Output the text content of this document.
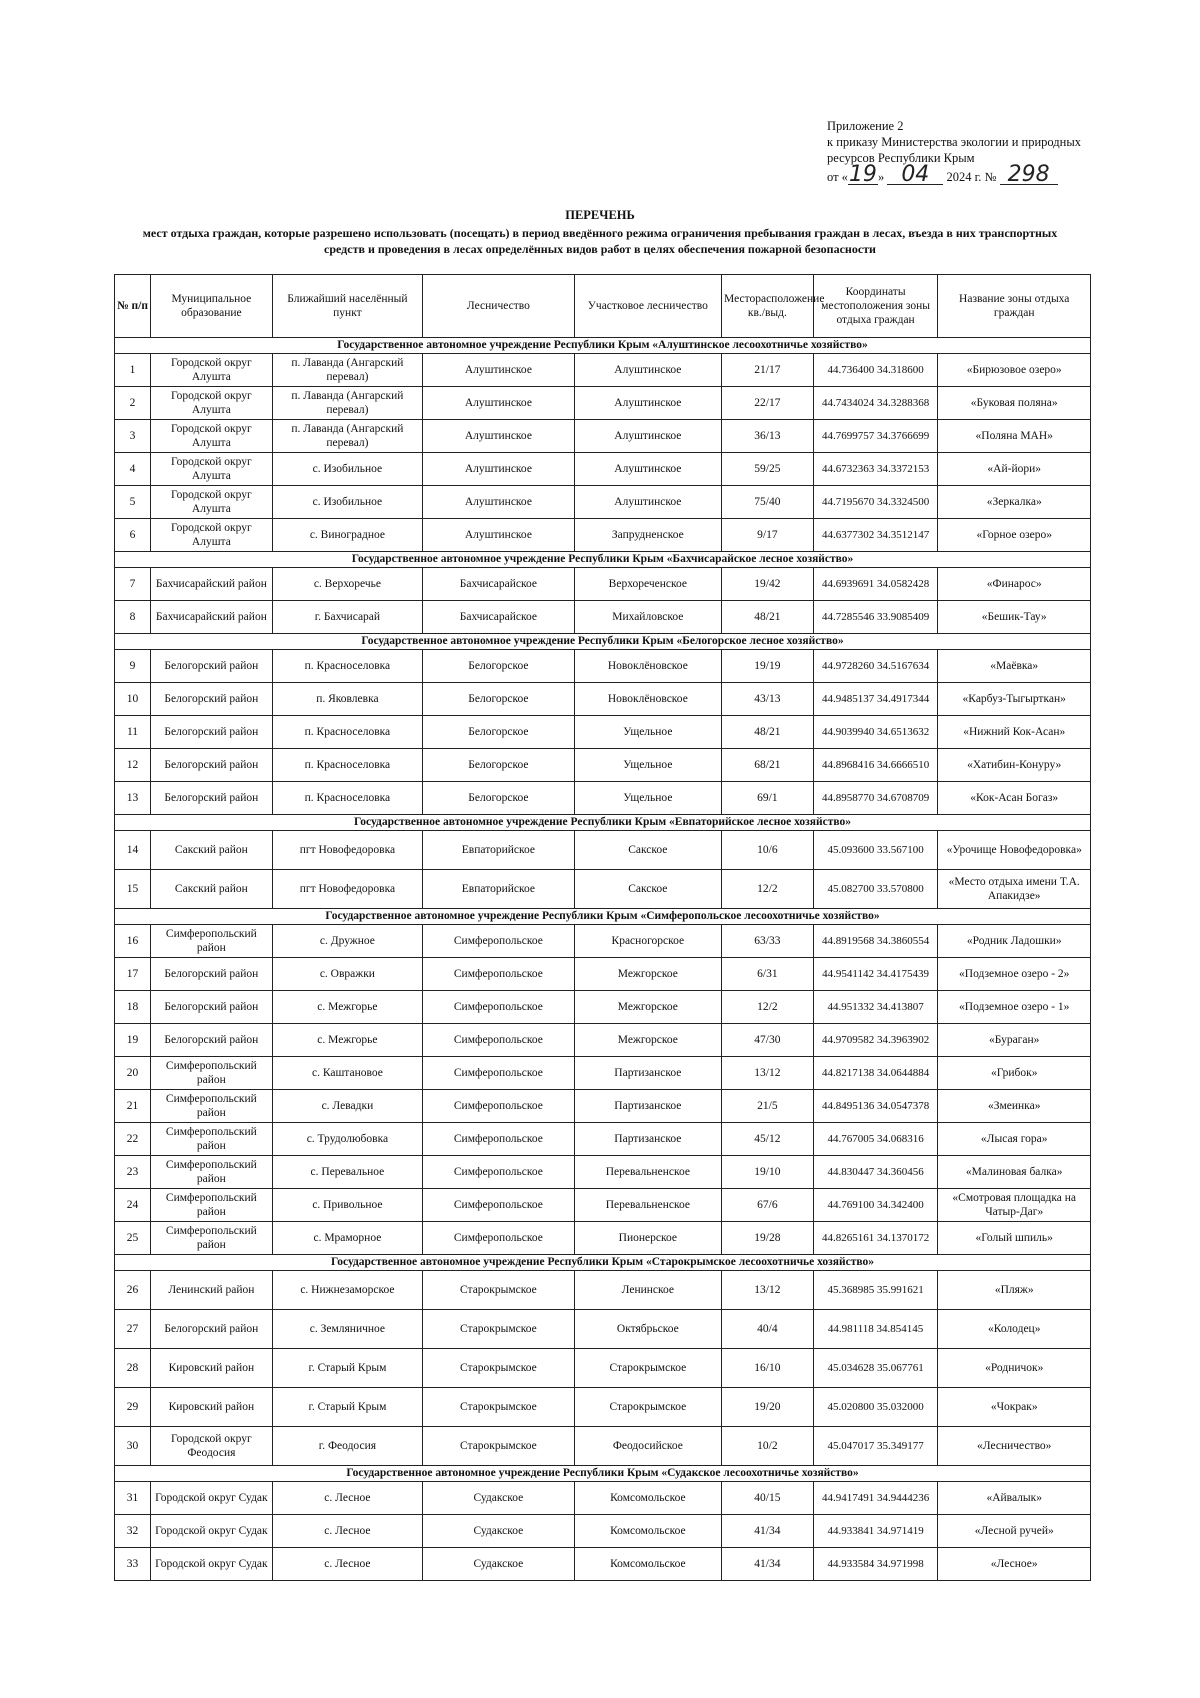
Приложение 2
к приказу Министерства экологии и природных
ресурсов Республики Крым
от «19» 04 2024 г. № 298
ПЕРЕЧЕНЬ
мест отдыха граждан, которые разрешено использовать (посещать) в период введённого режима ограничения пребывания граждан в лесах, въезда в них транспортных средств и проведения в лесах определённых видов работ в целях обеспечения пожарной безопасности
№ п/п	Муниципальное образование	Ближайший населённый пункт	Лесничество	Участковое лесничество	Месторасположение кв./выд.	Координаты местоположения зоны отдыха граждан	Название зоны отдыха граждан
Государственное автономное учреждение Республики Крым «Алуштинское лесоохотничье хозяйство»							
1	Городской округ Алушта	п. Лаванда (Ангарский перевал)	Алуштинское	Алуштинское	21/17	44.736400 34.318600	«Бирюзовое озеро»
2	Городской округ Алушта	п. Лаванда (Ангарский перевал)	Алуштинское	Алуштинское	22/17	44.7434024 34.3288368	«Буковая поляна»
3	Городской округ Алушта	п. Лаванда (Ангарский перевал)	Алуштинское	Алуштинское	36/13	44.7699757 34.3766699	«Поляна МАН»
4	Городской округ Алушта	с. Изобильное	Алуштинское	Алуштинское	59/25	44.6732363 34.3372153	«Ай-йори»
5	Городской округ Алушта	с. Изобильное	Алуштинское	Алуштинское	75/40	44.7195670 34.3324500	«Зеркалка»
6	Городской округ Алушта	с. Виноградное	Алуштинское	Запрудненское	9/17	44.6377302 34.3512147	«Горное озеро»
Государственное автономное учреждение Республики Крым «Бахчисарайское лесное хозяйство»							
7	Бахчисарайский район	с. Верхоречье	Бахчисарайское	Верхореченское	19/42	44.6939691 34.0582428	«Финарос»
8	Бахчисарайский район	г. Бахчисарай	Бахчисарайское	Михайловское	48/21	44.7285546 33.9085409	«Бешик-Тау»
Государственное автономное учреждение Республики Крым «Белогорское лесное хозяйство»							
9	Белогорский район	п. Красноселовка	Белогорское	Новоклёновское	19/19	44.9728260 34.5167634	«Маёвка»
10	Белогорский район	п. Яковлевка	Белогорское	Новоклёновское	43/13	44.9485137 34.4917344	«Карбуз-Тыгырткан»
11	Белогорский район	п. Красноселовка	Белогорское	Ущельное	48/21	44.9039940 34.6513632	«Нижний Кок-Асан»
12	Белогорский район	п. Красноселовка	Белогорское	Ущельное	68/21	44.8968416 34.6666510	«Хатибин-Конуру»
13	Белогорский район	п. Красноселовка	Белогорское	Ущельное	69/1	44.8958770 34.6708709	«Кок-Асан Богаз»
Государственное автономное учреждение Республики Крым «Евпаторийское лесное хозяйство»							
14	Сакский район	пгт Новофедоровка	Евпаторийское	Сакское	10/6	45.093600 33.567100	«Урочище Новофедоровка»
15	Сакский район	пгт Новофедоровка	Евпаторийское	Сакское	12/2	45.082700 33.570800	«Место отдыха имени Т.А. Апакидзе»
Государственное автономное учреждение Республики Крым «Симферопольское лесоохотничье хозяйство»							
16	Симферопольский район	с. Дружное	Симферопольское	Красногорское	63/33	44.8919568 34.3860554	«Родник Ладошки»
17	Белогорский район	с. Овражки	Симферопольское	Межгорское	6/31	44.9541142 34.4175439	«Подземное озеро - 2»
18	Белогорский район	с. Межгорье	Симферопольское	Межгорское	12/2	44.951332 34.413807	«Подземное озеро - 1»
19	Белогорский район	с. Межгорье	Симферопольское	Межгорское	47/30	44.9709582 34.3963902	«Бураган»
20	Симферопольский район	с. Каштановое	Симферопольское	Партизанское	13/12	44.8217138 34.0644884	«Грибок»
21	Симферопольский район	с. Левадки	Симферопольское	Партизанское	21/5	44.8495136 34.0547378	«Змеинка»
22	Симферопольский район	с. Трудолюбовка	Симферопольское	Партизанское	45/12	44.767005 34.068316	«Лысая гора»
23	Симферопольский район	с. Перевальное	Симферопольское	Перевальненское	19/10	44.830447 34.360456	«Малиновая балка»
24	Симферопольский район	с. Привольное	Симферопольское	Перевальненское	67/6	44.769100 34.342400	«Смотровая площадка на Чатыр-Даг»
25	Симферопольский район	с. Мраморное	Симферопольское	Пионерское	19/28	44.8265161 34.1370172	«Голый шпиль»
Государственное автономное учреждение Республики Крым «Старокрымское лесоохотничье хозяйство»							
26	Ленинский район	с. Нижнезаморское	Старокрымское	Ленинское	13/12	45.368985 35.991621	«Пляж»
27	Белогорский район	с. Земляничное	Старокрымское	Октябрьское	40/4	44.981118 34.854145	«Колодец»
28	Кировский район	г. Старый Крым	Старокрымское	Старокрымское	16/10	45.034628 35.067761	«Родничок»
29	Кировский район	г. Старый Крым	Старокрымское	Старокрымское	19/20	45.020800 35.032000	«Чокрак»
30	Городской округ Феодосия	г. Феодосия	Старокрымское	Феодосийское	10/2	45.047017 35.349177	«Лесничество»
Государственное автономное учреждение Республики Крым «Судакское лесоохотничье хозяйство»							
31	Городской округ Судак	с. Лесное	Судакское	Комсомольское	40/15	44.9417491 34.9444236	«Айвалык»
32	Городской округ Судак	с. Лесное	Судакское	Комсомольское	41/34	44.933841 34.971419	«Лесной ручей»
33	Городской округ Судак	с. Лесное	Судакское	Комсомольское	41/34	44.933584 34.971998	«Лесное»
